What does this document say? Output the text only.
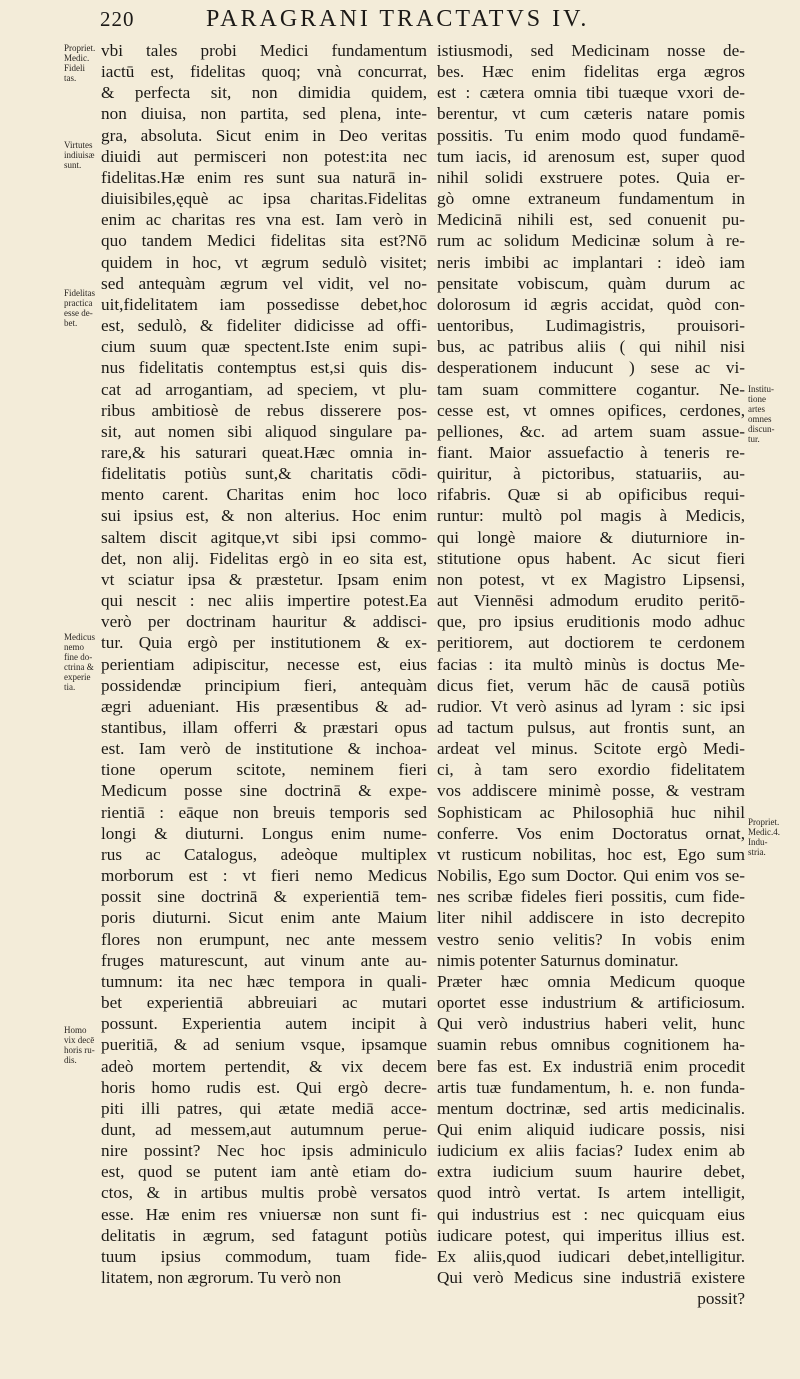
220	PARAGRANI TRACTATVS IV.
Propriet.
Medic.
Fideli
tas.
Virtutes
indiuisæ
sunt.
Fidelitas
practica
esse de-
bet.
Medicus
nemo
fine do-
ctrina &
experie
tia.
Homo
vix decē
horis ru-
dis.
vbi tales probi Medici fundamentum
iactū est, fidelitas quoq; vnà concurrat,
& perfecta sit, non dimidia quidem,
non diuisa, non partita, sed plena, inte-
gra, absoluta. Sicut enim in Deo veritas
diuidi aut permisceri non potest:ita nec
fidelitas.Hæ enim res sunt sua naturā in-
diuisibiles,ęquè ac ipsa charitas.Fidelitas
enim ac charitas res vna est. Iam verò in
quo tandem Medici fidelitas sita est?Nō
quidem in hoc, vt ægrum sedulò visitet;
sed antequàm ægrum vel vidit, vel no-
uit,fidelitatem iam possedisse debet,hoc
est, sedulò, & fideliter didicisse ad offi-
cium suum quæ spectent.Iste enim supi-
nus fidelitatis contemptus est,si quis dis-
cat ad arrogantiam, ad speciem, vt plu-
ribus ambitiosè de rebus disserere pos-
sit, aut nomen sibi aliquod singulare pa-
rare,& his saturari queat.Hæc omnia in-
fidelitatis potiùs sunt,& charitatis cōdi-
mento carent. Charitas enim hoc loco
sui ipsius est, & non alterius. Hoc enim
saltem discit agitque,vt sibi ipsi commo-
det, non alij. Fidelitas ergò in eo sita est,
vt sciatur ipsa & præstetur. Ipsam enim
qui nescit : nec aliis impertire potest.Ea
verò per doctrinam hauritur & addisci-
tur. Quia ergò per institutionem & ex-
perientiam adipiscitur, necesse est, eius
possidendæ principium fieri, antequàm
ægri adueniant. His præsentibus & ad-
stantibus, illam offerri & præstari opus
est. Iam verò de institutione & inchoa-
tione operum scitote, neminem fieri
Medicum posse sine doctrinā & expe-
rientiā : eāque non breuis temporis sed
longi & diuturni. Longus enim nume-
rus ac Catalogus, adeòque multiplex
morborum est : vt fieri nemo Medicus
possit sine doctrinā & experientiā tem-
poris diuturni. Sicut enim ante Maium
flores non erumpunt, nec ante messem
fruges maturescunt, aut vinum ante au-
tumnum: ita nec hæc tempora in quali-
bet experientiā abbreuiari ac mutari
possunt. Experientia autem incipit à
pueritiā, & ad senium vsque, ipsamque
adeò mortem pertendit, & vix decem
horis homo rudis est. Qui ergò decre-
piti illi patres, qui ætate mediā acce-
dunt, ad messem,aut autumnum perue-
nire possint? Nec hoc ipsis adminiculo
est, quod se putent iam antè etiam do-
ctos, & in artibus multis probè versatos
esse. Hæ enim res vniuersæ non sunt fi-
delitatis in ægrum, sed fatagunt potiùs
tuum ipsius commodum, tuam fide-
litatem, non ægrorum. Tu verò non
istiusmodi, sed Medicinam nosse de-
bes. Hæc enim fidelitas erga ægros
est : cætera omnia tibi tuæque vxori de-
berentur, vt cum cæteris natare pomis
possitis. Tu enim modo quod fundamē-
tum iacis, id arenosum est, super quod
nihil solidi exstruere potes. Quia er-
gò omne extraneum fundamentum in
Medicinā nihili est, sed conuenit pu-
rum ac solidum Medicinæ solum à re-
neris imbibi ac implantari : ideò iam
pensitate vobiscum, quàm durum ac
dolorosum id ægris accidat, quòd con-
uentoribus, Ludimagistris, prouisori-
bus, ac patribus aliis ( qui nihil nisi
desperationem inducunt ) sese ac vi-
tam suam committere cogantur. Ne-
cesse est, vt omnes opifices, cerdones,
pelliones, &c. ad artem suam assue-
fiant. Maior assuefactio à teneris re-
quiritur, à pictoribus, statuariis, au-
rifabris. Quæ si ab opificibus requi-
runtur: multò pol magis à Medicis,
qui longè maiore & diuturniore in-
stitutione opus habent. Ac sicut fieri
non potest, vt ex Magistro Lipsensi,
aut Viennēsi admodum erudito peritō-
que, pro ipsius eruditionis modo adhuc
peritiorem, aut doctiorem te cerdonem
facias : ita multò minùs is doctus Me-
dicus fiet, verum hāc de causā potiùs
rudior. Vt verò asinus ad lyram : sic ipsi
ad tactum pulsus, aut frontis sunt, an
ardeat vel minus. Scitote ergò Medi-
ci, à tam sero exordio fidelitatem
vos addiscere minimè posse, & vestram
Sophisticam ac Philosophiā huc nihil
conferre. Vos enim Doctoratus ornat,
vt rusticum nobilitas, hoc est, Ego sum
Nobilis, Ego sum Doctor. Qui enim vos se-
nes scribæ fideles fieri possitis, cum fide-
liter nihil addiscere in isto decrepito
vestro senio velitis? In vobis enim
nimis potenter Saturnus dominatur.
Præter hæc omnia Medicum quoque
oportet esse industrium & artificiosum.
Qui verò industrius haberi velit, hunc
suamin rebus omnibus cognitionem ha-
bere fas est. Ex industriā enim procedit
artis tuæ fundamentum, h. e. non funda-
mentum doctrinæ, sed artis medicinalis.
Qui enim aliquid iudicare possis, nisi
iudicium ex aliis facias? Iudex enim ab
extra iudicium suum haurire debet,
quod intrò vertat. Is artem intelligit,
qui industrius est : nec quicquam eius
iudicare potest, qui imperitus illius est.
Ex aliis,quod iudicari debet,intelligitur.
Qui verò Medicus sine industriā existere
possit?
Institu-
tione
artes
omnes
discun-
tur.
Propriet.
Medic.4.
Indu-
stria.
